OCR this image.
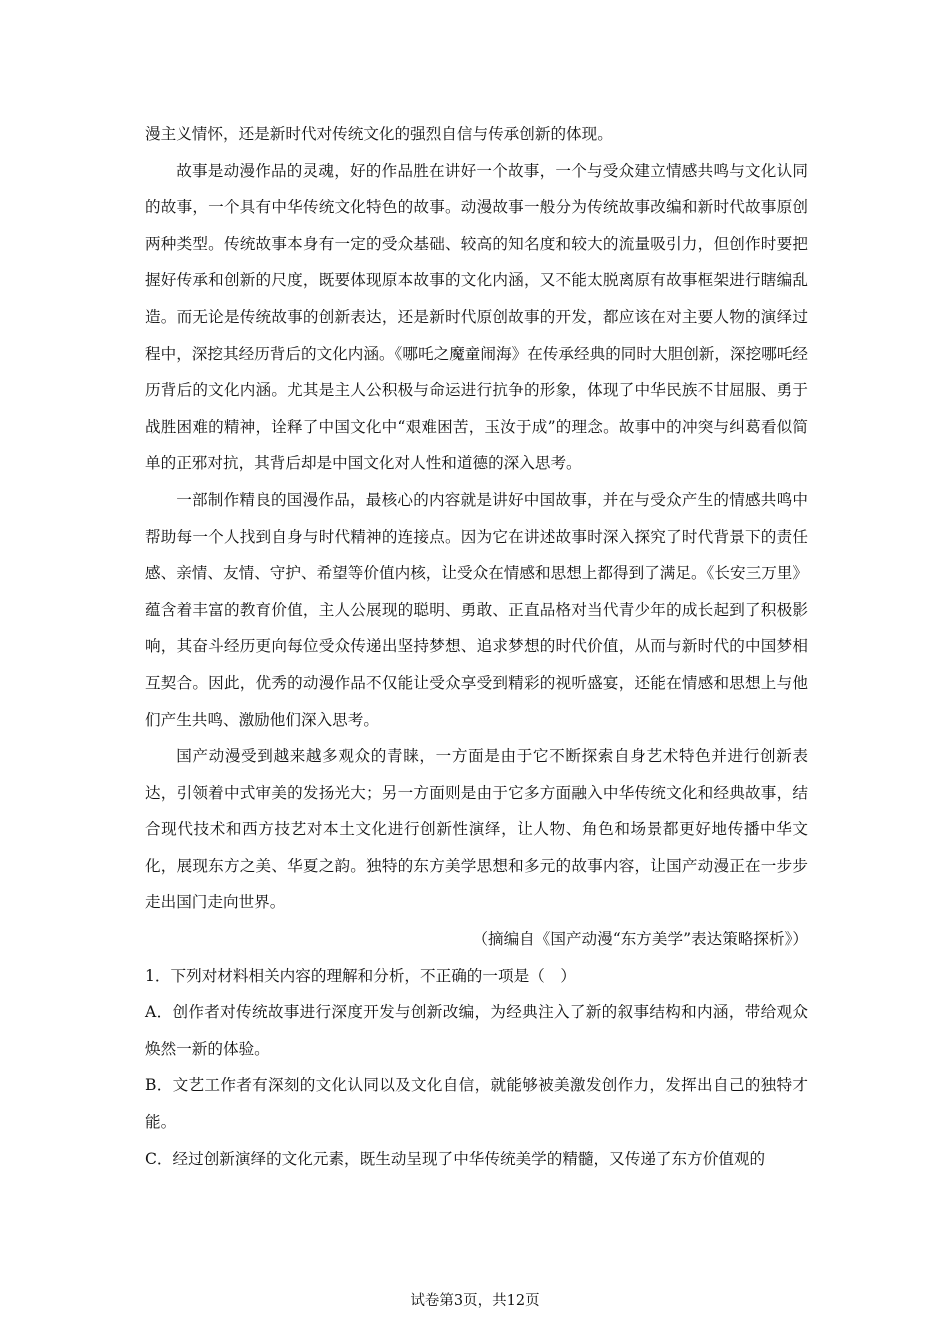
漫主义情怀，还是新时代对传统文化的强烈自信与传承创新的体现。

故事是动漫作品的灵魂，好的作品胜在讲好一个故事，一个与受众建立情感共鸣与文化认同的故事，一个具有中华传统文化特色的故事。动漫故事一般分为传统故事改编和新时代故事原创两种类型。传统故事本身有一定的受众基础、较高的知名度和较大的流量吸引力，但创作时要把握好传承和创新的尺度，既要体现原本故事的文化内涵，又不能太脱离原有故事框架进行瞎编乱造。而无论是传统故事的创新表达，还是新时代原创故事的开发，都应该在对主要人物的演绎过程中，深挖其经历背后的文化内涵。《哪吒之魔童闹海》在传承经典的同时大胆创新，深挖哪吒经历背后的文化内涵。尤其是主人公积极与命运进行抗争的形象，体现了中华民族不甘屈服、勇于战胜困难的精神，诠释了中国文化中“艰难困苦，玉汝于成”的理念。故事中的冲突与纠葛看似简单的正邪对抗，其背后却是中国文化对人性和道德的深入思考。

一部制作精良的国漫作品，最核心的内容就是讲好中国故事，并在与受众产生的情感共鸣中帮助每一个人找到自身与时代精神的连接点。因为它在讲述故事时深入探究了时代背景下的责任感、亲情、友情、守护、希望等价值内核，让受众在情感和思想上都得到了满足。《长安三万里》蕴含着丰富的教育价值，主人公展现的聪明、勇敢、正直品格对当代青少年的成长起到了积极影响，其奋斗经历更向每位受众传递出坚持梦想、追求梦想的时代价值，从而与新时代的中国梦相互契合。因此，优秀的动漫作品不仅能让受众享受到精彩的视听盛宴，还能在情感和思想上与他们产生共鸣、激励他们深入思考。

国产动漫受到越来越多观众的青睐，一方面是由于它不断探索自身艺术特色并进行创新表达，引领着中式审美的发扬光大；另一方面则是由于它多方面融入中华传统文化和经典故事，结合现代技术和西方技艺对本土文化进行创新性演绎，让人物、角色和场景都更好地传播中华文化，展现东方之美、华夏之韵。独特的东方美学思想和多元的故事内容，让国产动漫正在一步步走出国门走向世界。

（摘编自《国产动漫“东方美学”表达策略探析》）

1．下列对材料相关内容的理解和分析，不正确的一项是（　）

A．创作者对传统故事进行深度开发与创新改编，为经典注入了新的叙事结构和内涵，带给观众焕然一新的体验。

B．文艺工作者有深刻的文化认同以及文化自信，就能够被美激发创作力，发挥出自己的独特才能。

C．经过创新演绎的文化元素，既生动呈现了中华传统美学的精髓，又传递了东方价值观的

试卷第3页，共12页
